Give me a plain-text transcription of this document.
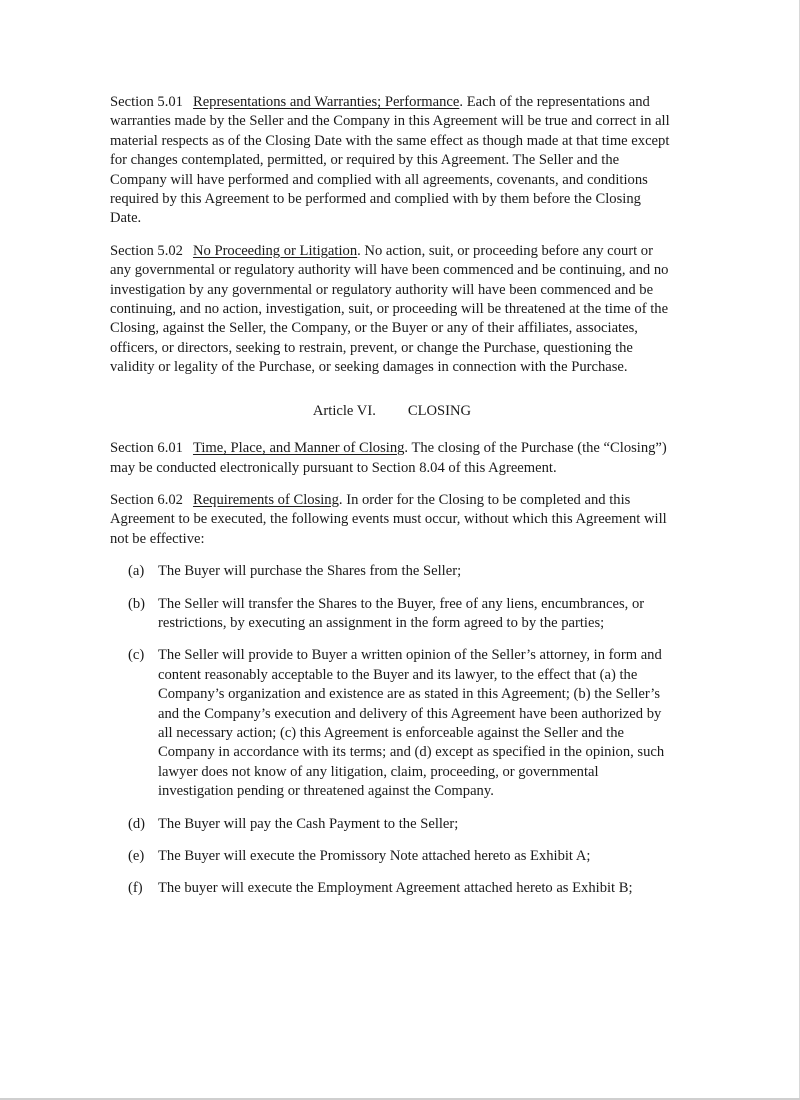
Section 5.01 Representations and Warranties; Performance. Each of the representations and warranties made by the Seller and the Company in this Agreement will be true and correct in all material respects as of the Closing Date with the same effect as though made at that time except for changes contemplated, permitted, or required by this Agreement. The Seller and the Company will have performed and complied with all agreements, covenants, and conditions required by this Agreement to be performed and complied with by them before the Closing Date.

Section 5.02 No Proceeding or Litigation. No action, suit, or proceeding before any court or any governmental or regulatory authority will have been commenced and be continuing, and no investigation by any governmental or regulatory authority will have been commenced and be continuing, and no action, investigation, suit, or proceeding will be threatened at the time of the Closing, against the Seller, the Company, or the Buyer or any of their affiliates, associates, officers, or directors, seeking to restrain, prevent, or change the Purchase, questioning the validity or legality of the Purchase, or seeking damages in connection with the Purchase.

Article VI. CLOSING

Section 6.01 Time, Place, and Manner of Closing. The closing of the Purchase (the “Closing”) may be conducted electronically pursuant to Section 8.04 of this Agreement.

Section 6.02 Requirements of Closing. In order for the Closing to be completed and this Agreement to be executed, the following events must occur, without which this Agreement will not be effective:

(a) The Buyer will purchase the Shares from the Seller;
(b) The Seller will transfer the Shares to the Buyer, free of any liens, encumbrances, or restrictions, by executing an assignment in the form agreed to by the parties;
(c) The Seller will provide to Buyer a written opinion of the Seller’s attorney, in form and content reasonably acceptable to the Buyer and its lawyer, to the effect that (a) the Company’s organization and existence are as stated in this Agreement; (b) the Seller’s and the Company’s execution and delivery of this Agreement have been authorized by all necessary action; (c) this Agreement is enforceable against the Seller and the Company in accordance with its terms; and (d) except as specified in the opinion, such lawyer does not know of any litigation, claim, proceeding, or governmental investigation pending or threatened against the Company.
(d) The Buyer will pay the Cash Payment to the Seller;
(e) The Buyer will execute the Promissory Note attached hereto as Exhibit A;
(f)	The buyer will execute the Employment Agreement attached hereto as Exhibit B;
